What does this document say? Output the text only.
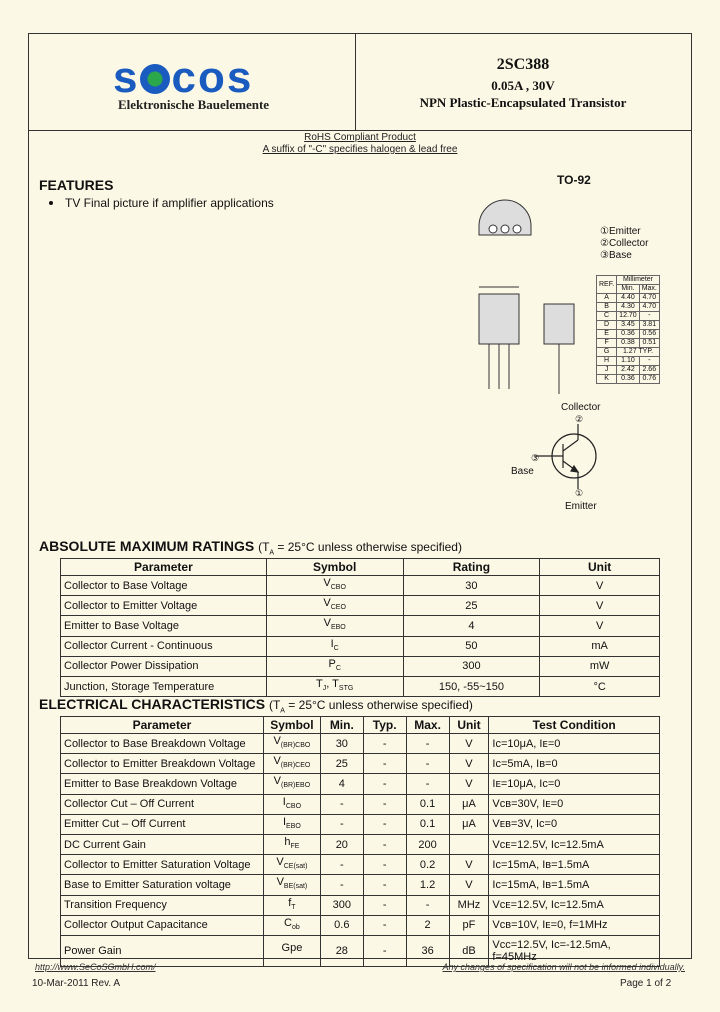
s cos
Elektronische Bauelemente
2SC388
0.05A , 30V
NPN Plastic-Encapsulated Transistor
RoHS Compliant Product
A suffix of "-C" specifies halogen & lead free
FEATURES
TV Final picture if amplifier applications
TO-92
①Emitter
②Collector
③Base
REF.	Millimeter	
	Min.	Max.
A	4.40	4.70
B	4.30	4.70
C	12.70	-
D	3.45	3.81
E	0.36	0.56
F	0.38	0.51
G	1.27 TYP.	
H	1.10	-
J	2.42	2.66
K	0.36	0.76
Collector
②
Base
③
①
Emitter
ABSOLUTE MAXIMUM RATINGS ($T_A = 25^\circ C$ unless otherwise specified)
Parameter	Symbol	Rating	Unit
Collector to Base Voltage	$V_{CBO}$	30	V
Collector to Emitter Voltage	$V_{CEO}$	25	V
Emitter to Base Voltage	$V_{EBO}$	4	V
Collector Current - Continuous	$I_C$	50	mA
Collector Power Dissipation	$P_C$	300	mW
Junction, Storage Temperature	$T_J$, $T_{STG}$	150, -55~150	°C
ELECTRICAL CHARACTERISTICS ($T_A = 25^\circ C$ unless otherwise specified)
Parameter	Symbol	Min.	Typ.	Max.	Unit	Test Condition
Collector to Base Breakdown Voltage	$V_{(BR)CBO}$	30	-	-	V	Iᴄ=10μA, Iᴇ=0
Collector to Emitter Breakdown Voltage	$V_{(BR)CEO}$	25	-	-	V	Iᴄ=5mA, Iʙ=0
Emitter to Base Breakdown Voltage	$V_{(BR)EBO}$	4	-	-	V	Iᴇ=10μA, Iᴄ=0
Collector Cut – Off Current	$I_{CBO}$	-	-	0.1	μA	Vᴄʙ=30V, Iᴇ=0
Emitter Cut – Off Current	$I_{EBO}$	-	-	0.1	μA	Vᴇʙ=3V, Iᴄ=0
DC Current Gain	$h_{FE}$	20	-	200		Vᴄᴇ=12.5V, Iᴄ=12.5mA
Collector to Emitter Saturation Voltage	$V_{CE(sat)}$	-	-	0.2	V	Iᴄ=15mA, Iʙ=1.5mA
Base to Emitter Saturation voltage	$V_{BE(sat)}$	-	-	1.2	V	Iᴄ=15mA, Iʙ=1.5mA
Transition Frequency	$f_T$	300	-	-	MHz	Vᴄᴇ=12.5V, Iᴄ=12.5mA
Collector Output Capacitance	$C_{ob}$	0.6	-	2	pF	Vᴄʙ=10V, Iᴇ=0, f=1MHz
Power Gain	Gpe	28	-	36	dB	Vᴄᴄ=12.5V, Iᴄ=-12.5mA,
f=45MHz
http://www.SeCoSGmbH.com/	Any changes of specification will not be informed individually.
10-Mar-2011 Rev. A	Page 1 of 2
